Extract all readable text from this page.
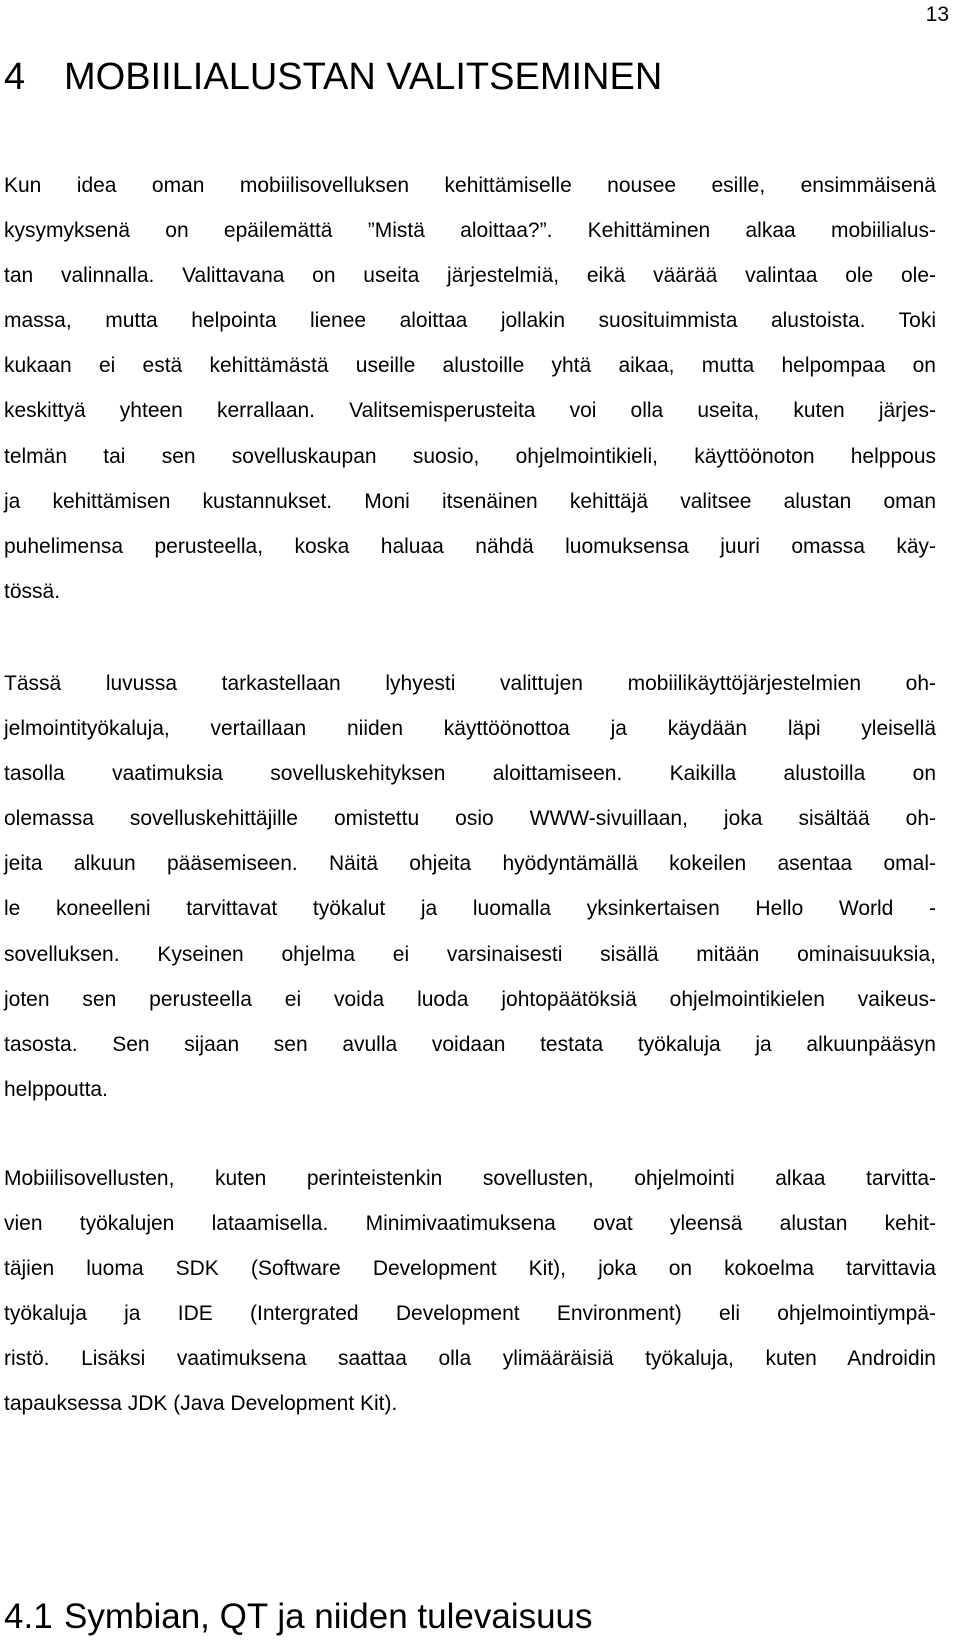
13
4 MOBIILIALUSTAN VALITSEMINEN

Kun idea oman mobiilisovelluksen kehittämiselle nousee esille, ensimmäisenä
kysymyksenä on epäilemättä ”Mistä aloittaa?”. Kehittäminen alkaa mobiilialus-
tan valinnalla. Valittavana on useita järjestelmiä, eikä väärää valintaa ole ole-
massa, mutta helpointa lienee aloittaa jollakin suosituimmista alustoista. Toki
kukaan ei estä kehittämästä useille alustoille yhtä aikaa, mutta helpompaa on
keskittyä yhteen kerrallaan. Valitsemisperusteita voi olla useita, kuten järjes-
telmän tai sen sovelluskaupan suosio, ohjelmointikieli, käyttöönoton helppous
ja kehittämisen kustannukset. Moni itsenäinen kehittäjä valitsee alustan oman
puhelimensa perusteella, koska haluaa nähdä luomuksensa juuri omassa käy-
tössä.

Tässä luvussa tarkastellaan lyhyesti valittujen mobiilikäyttöjärjestelmien oh-
jelmointityökaluja, vertaillaan niiden käyttöönottoa ja käydään läpi yleisellä
tasolla vaatimuksia sovelluskehityksen aloittamiseen. Kaikilla alustoilla on
olemassa sovelluskehittäjille omistettu osio WWW-sivuillaan, joka sisältää oh-
jeita alkuun pääsemiseen. Näitä ohjeita hyödyntämällä kokeilen asentaa omal-
le koneelleni tarvittavat työkalut ja luomalla yksinkertaisen Hello World -
sovelluksen. Kyseinen ohjelma ei varsinaisesti sisällä mitään ominaisuuksia,
joten sen perusteella ei voida luoda johtopäätöksiä ohjelmointikielen vaikeus-
tasosta. Sen sijaan sen avulla voidaan testata työkaluja ja alkuunpääsyn
helppoutta.

Mobiilisovellusten, kuten perinteistenkin sovellusten, ohjelmointi alkaa tarvitta-
vien työkalujen lataamisella. Minimivaatimuksena ovat yleensä alustan kehit-
täjien luoma SDK (Software Development Kit), joka on kokoelma tarvittavia
työkaluja ja IDE (Intergrated Development Environment) eli ohjelmointiympä-
ristö. Lisäksi vaatimuksena saattaa olla ylimääräisiä työkaluja, kuten Androidin
tapauksessa JDK (Java Development Kit).

4.1 Symbian, QT ja niiden tulevaisuus
